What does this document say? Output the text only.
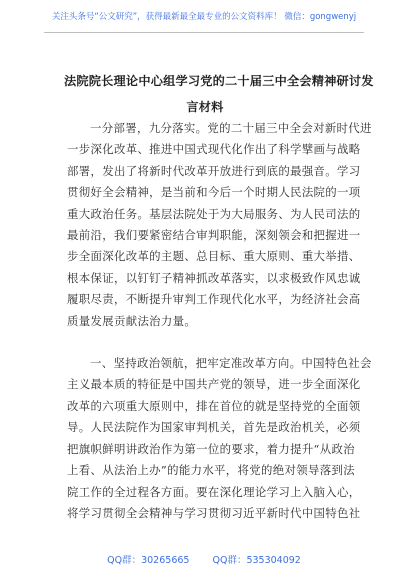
关注头条号“公文研究”，获得最新最全最专业的公文资料库！ 微信：gongwenyj
法院院长理论中心组学习党的二十届三中全会精神研讨发
言材料

一分部署，九分落实。党的二十届三中全会对新时代进
一步深化改革、推进中国式现代化作出了科学擘画与战略
部署，发出了将新时代改革开放进行到底的最强音。学习
贯彻好全会精神，是当前和今后一个时期人民法院的一项
重大政治任务。基层法院处于为大局服务、为人民司法的
最前沿，我们要紧密结合审判职能，深刻领会和把握进一
步全面深化改革的主题、总目标、重大原则、重大举措、
根本保证，以钉钉子精神抓改革落实，以求极致作风忠诚
履职尽责，不断提升审判工作现代化水平，为经济社会高
质量发展贡献法治力量。

一、坚持政治领航，把牢定准改革方向。中国特色社会
主义最本质的特征是中国共产党的领导，进一步全面深化
改革的六项重大原则中，排在首位的就是坚持党的全面领
导。人民法院作为国家审判机关，首先是政治机关，必须
把旗帜鲜明讲政治作为第一位的要求，着力提升“从政治
上看、从法治上办”的能力水平，将党的绝对领导落到法
院工作的全过程各方面。要在深化理论学习上入脑入心，
将学习贯彻全会精神与学习贯彻习近平新时代中国特色社

QQ群：30265665 QQ群：535304092
